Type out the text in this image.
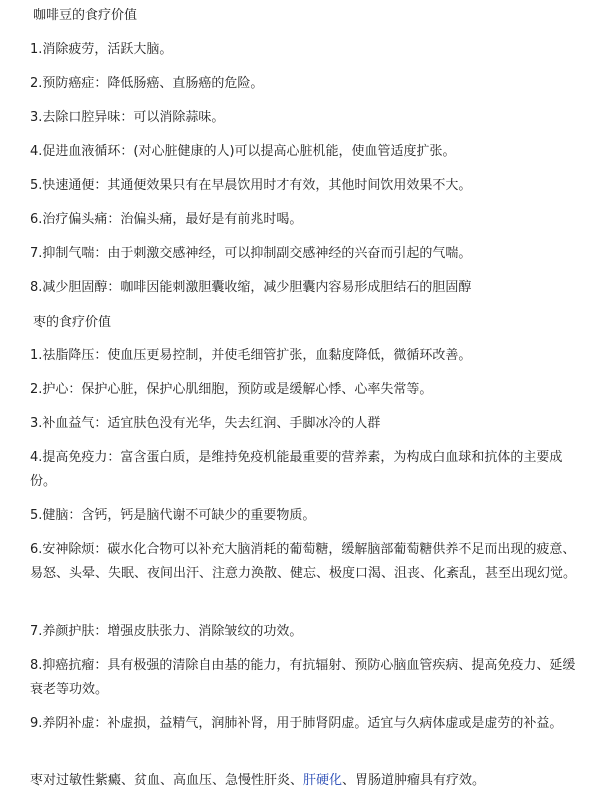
咖啡豆的食疗价值
1.消除疲劳，活跃大脑。
2.预防癌症：降低肠癌、直肠癌的危险。
3.去除口腔异味：可以消除蒜味。
4.促进血液循环：(对心脏健康的人)可以提高心脏机能，使血管适度扩张。
5.快速通便：其通便效果只有在早晨饮用时才有效，其他时间饮用效果不大。
6.治疗偏头痛：治偏头痛，最好是有前兆时喝。
7.抑制气喘：由于刺激交感神经，可以抑制副交感神经的兴奋而引起的气喘。
8.减少胆固醇：咖啡因能刺激胆囊收缩，减少胆囊内容易形成胆结石的胆固醇
枣的食疗价值
1.祛脂降压：使血压更易控制，并使毛细管扩张，血黏度降低，微循环改善。
2.护心：保护心脏，保护心肌细胞，预防或是缓解心悸、心率失常等。
3.补血益气：适宜肤色没有光华，失去红润、手脚冰冷的人群
4.提高免疫力：富含蛋白质，是维持免疫机能最重要的营养素，为构成白血球和抗体的主要成份。
5.健脑：含钙，钙是脑代谢不可缺少的重要物质。
6.安神除烦：碳水化合物可以补充大脑消耗的葡萄糖，缓解脑部葡萄糖供养不足而出现的疲意、易怒、头晕、失眠、夜间出汗、注意力涣散、健忘、极度口渴、沮丧、化紊乱，甚至出现幻觉。
7.养颜护肤：增强皮肤张力、消除皱纹的功效。
8.抑癌抗瘤：具有极强的清除自由基的能力，有抗辐射、预防心脑血管疾病、提高免疫力、延缓衰老等功效。
9.养阴补虚：补虚损，益精气，润肺补肾，用于肺肾阴虚。适宜与久病体虚或是虚劳的补益。
枣对过敏性紫癜、贫血、高血压、急慢性肝炎、肝硬化、胃肠道肿瘤具有疗效。
